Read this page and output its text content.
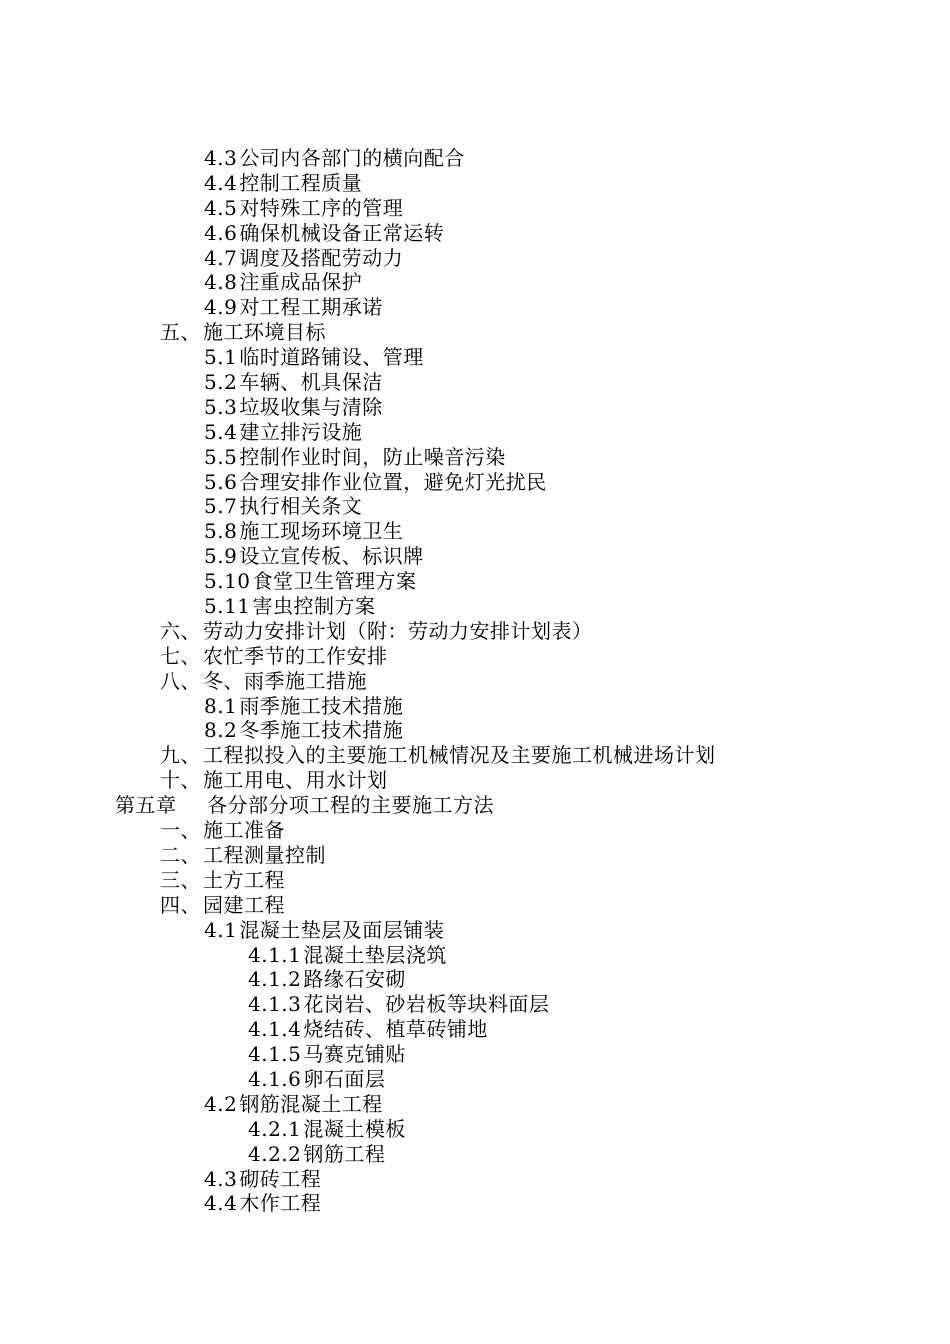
4.3 公司内各部门的横向配合
4.4 控制工程质量
4.5 对特殊工序的管理
4.6 确保机械设备正常运转
4.7 调度及搭配劳动力
4.8 注重成品保护
4.9 对工程工期承诺
五、 施工环境目标
5.1 临时道路铺设、管理
5.2 车辆、机具保洁
5.3 垃圾收集与清除
5.4 建立排污设施
5.5 控制作业时间，防止噪音污染
5.6 合理安排作业位置，避免灯光扰民
5.7 执行相关条文
5.8 施工现场环境卫生
5.9 设立宣传板、标识牌
5.10 食堂卫生管理方案
5.11 害虫控制方案
六、 劳动力安排计划（附：劳动力安排计划表）
七、 农忙季节的工作安排
八、 冬、雨季施工措施
8.1 雨季施工技术措施
8.2 冬季施工技术措施
九、 工程拟投入的主要施工机械情况及主要施工机械进场计划
十、 施工用电、用水计划
第五章 各分部分项工程的主要施工方法
一、 施工准备
二、 工程测量控制
三、 土方工程
四、 园建工程
4.1 混凝土垫层及面层铺装
4.1.1 混凝土垫层浇筑
4.1.2 路缘石安砌
4.1.3 花岗岩、砂岩板等块料面层
4.1.4 烧结砖、植草砖铺地
4.1.5 马赛克铺贴
4.1.6 卵石面层
4.2 钢筋混凝土工程
4.2.1 混凝土模板
4.2.2 钢筋工程
4.3 砌砖工程
4.4 木作工程
